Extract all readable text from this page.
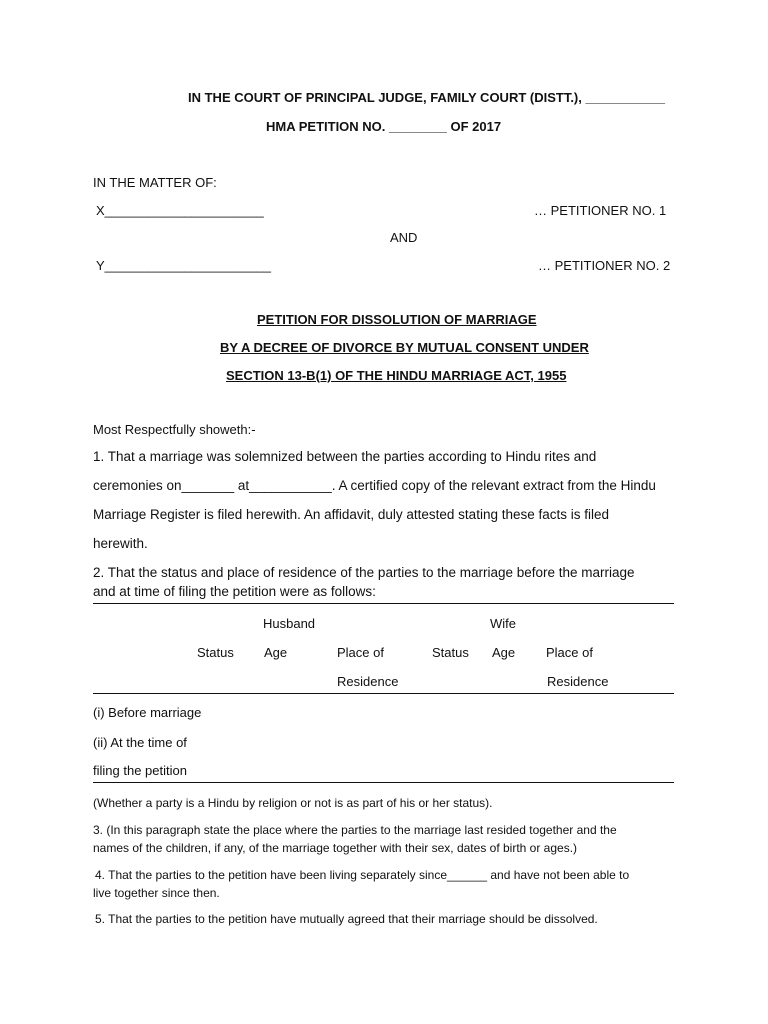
IN THE COURT OF PRINCIPAL JUDGE, FAMILY COURT (DISTT.), ___________
HMA PETITION NO. ________ OF 2017
IN THE MATTER OF:
X______________________	… PETITIONER NO. 1
AND
Y_______________________	… PETITIONER NO. 2
PETITION FOR DISSOLUTION OF MARRIAGE
BY A DECREE OF DIVORCE BY MUTUAL CONSENT UNDER
SECTION 13-B(1) OF THE HINDU MARRIAGE ACT, 1955
Most Respectfully showeth:-
1. That a marriage was solemnized between the parties according to Hindu rites and
ceremonies on_______ at___________. A certified copy of the relevant extract from the Hindu
Marriage Register is filed herewith. An affidavit, duly attested stating these facts is filed
herewith.
2. That the status and place of residence of the parties to the marriage before the marriage
and at time of filing the petition were as follows:
Husband	Wife
Status Age	Place of	Status Age Place of
Residence	Residence
(i) Before marriage
(ii) At the time of
filing the petition
(Whether a party is a Hindu by religion or not is as part of his or her status).
3. (In this paragraph state the place where the parties to the marriage last resided together and the
names of the children, if any, of the marriage together with their sex, dates of birth or ages.)
4. That the parties to the petition have been living separately since______ and have not been able to
live together since then.
5. That the parties to the petition have mutually agreed that their marriage should be dissolved.
